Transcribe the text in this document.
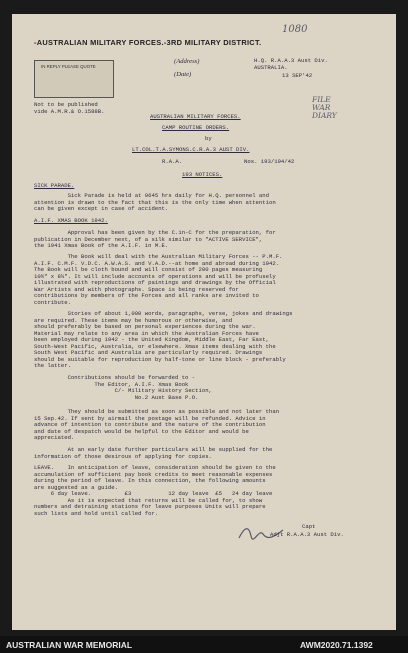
-AUSTRALIAN MILITARY FORCES.-3RD MILITARY DISTRICT.
IN REPLY PLEASE QUOTE
(Address)
(Date)
H.Q. R.A.A.3 Aust Div.
AUSTRALIA.
13 SEP'42
1080
FILE WAR DIARY
Not to be published
vide A.M.R.& O.1588B.
AUSTRALIAN MILITARY FORCES.
CAMP ROUTINE ORDERS.
by
LT.COL.T.A.SYMONS.C.R.A.3 AUST DIV.
R.A.A.	Nos. 193/194/42
193 NOTICES.
SICK PARADE.
Sick Parade is held at 0645 hrs daily for H.Q. personnel and
attention is drawn to the fact that this is the only time when attention
can be given except in case of accident.
A.I.F. XMAS BOOK 1942.
Approval has been given by the C.in-C for the preparation, for
publication in December next, of a silk similar to "ACTIVE SERVICE",
the 1941 Xmas Book of the A.I.F. in M.E.
The Book will deal with the Australian Military Forces -- P.M.F.
A.I.F. C.M.F. V.D.C. A.W.A.S. and V.A.D.--at home and abroad during 1942.
The Book will be cloth bound and will consist of 200 pages measuring
10½" x 8¼". It will include accounts of operations and will be profusely
illustrated with reproductions of paintings and drawings by the Official
War Artists and with photographs. Space is being reserved for
contributions by members of the Forces and all ranks are invited to
contribute.
Stories of about 1,000 words, paragraphs, verse, jokes and drawings
are required. These items may be humorous or otherwise, and
should preferably be based on personal experiences during the war.
Material may relate to any area in which the Australian Forces have
been employed during 1942 - the United Kingdom, Middle East, Far East,
South-West Pacific, Australia, or elsewhere. Xmas items dealing with the
South West Pacific and Australia are particularly required. Drawings
should be suitable for reproduction by half-tone or line block - preferably
the latter.
Contributions should be forwarded to -
The Editor, A.I.F. Xmas Book
C/- Military History Section,
No.2 Aust Base P.O.
They should be submitted as soon as possible and not later than
15 Sep.42. If sent by airmail the postage will be refunded. Advice in
advance of intention to contribute and the nature of the contribution
and date of despatch would be helpful to the Editor and would be
appreciated.
At an early date further particulars will be supplied for the
information of those desirous of applying for copies.
LEAVE.    In anticipation of leave, consideration should be given to the
accumulation of sufficient pay book credits to meet reasonable expenses
during the period of leave. In this connection, the following amounts
are suggested as a guide.
6 day leave.          £3           12 day leave  £5   24 day leave
As it is expected that returns will be called for, to show
numbers and detraining stations for leave purposes Units will prepare
such lists and hold until called for.
Capt
Adjt R.A.A.3 Aust Div.
AUSTRALIAN WAR MEMORIAL	AWM2020.71.1392
